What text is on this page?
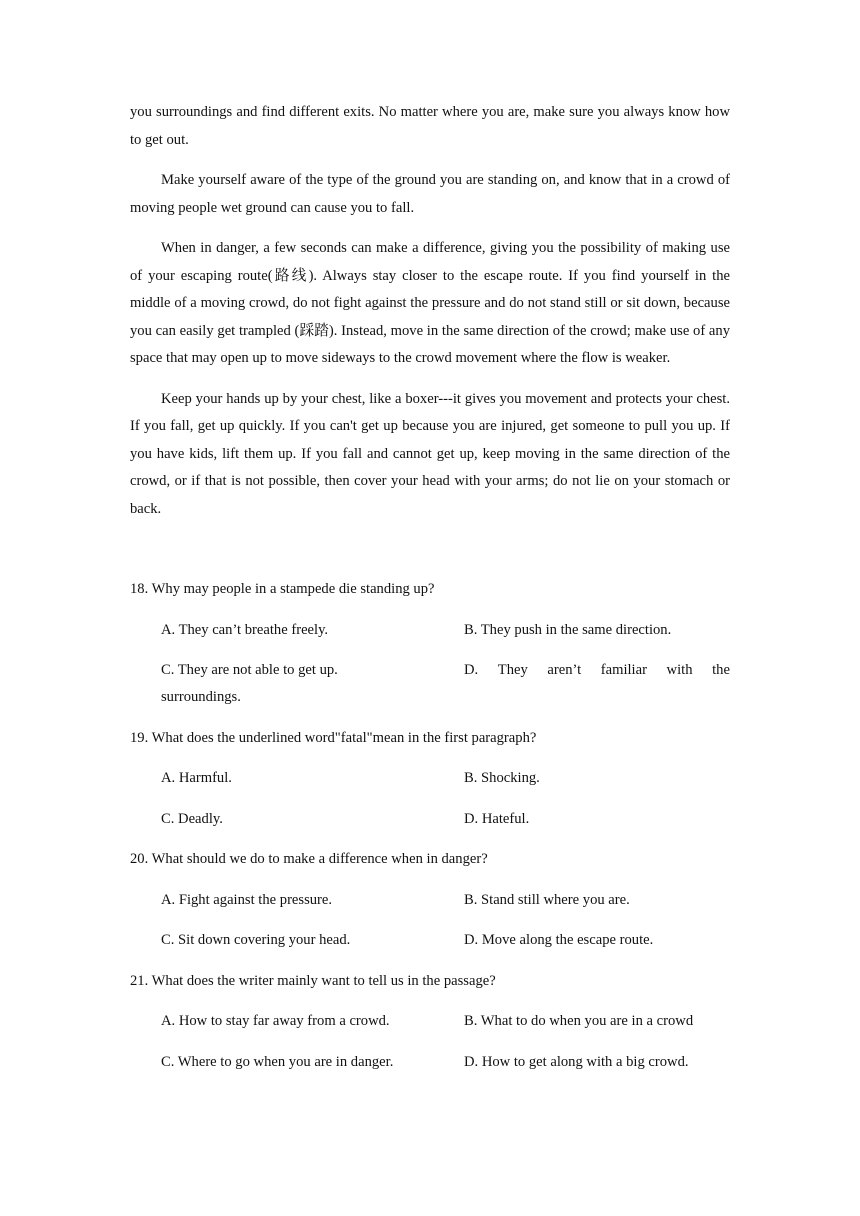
you surroundings and find different exits. No matter where you are, make sure you always know how to get out.

Make yourself aware of the type of the ground you are standing on, and know that in a crowd of moving people wet ground can cause you to fall.

When in danger, a few seconds can make a difference, giving you the possibility of making use of your escaping route(路线). Always stay closer to the escape route. If you find yourself in the middle of a moving crowd, do not fight against the pressure and do not stand still or sit down, because you can easily get trampled (踩踏). Instead, move in the same direction of the crowd; make use of any space that may open up to move sideways to the crowd movement where the flow is weaker.

Keep your hands up by your chest, like a boxer---it gives you movement and protects your chest. If you fall, get up quickly. If you can't get up because you are injured, get someone to pull you up. If you have kids, lift them up. If you fall and cannot get up, keep moving in the same direction of the crowd, or if that is not possible, then cover your head with your arms; do not lie on your stomach or back.

18. Why may people in a stampede die standing up?

A. They can’t breathe freely.	B. They push in the same direction.
C. They are not able to get up.	D. They aren’t familiar with the
surroundings.

19. What does the underlined word"fatal"mean in the first paragraph?

A. Harmful.	B. Shocking.
C. Deadly.	D. Hateful.

20. What should we do to make a difference when in danger?

A. Fight against the pressure.	B. Stand still where you are.
C. Sit down covering your head.	D. Move along the escape route.

21. What does the writer mainly want to tell us in the passage?

A. How to stay far away from a crowd.	B. What to do when you are in a crowd
C. Where to go when you are in danger.	D. How to get along with a big crowd.
